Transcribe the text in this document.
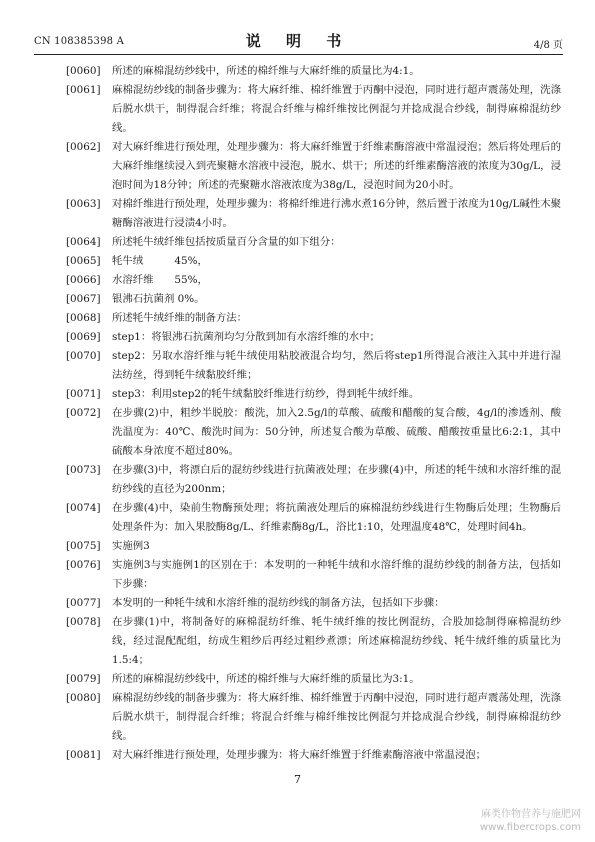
CN 108385398 A	说 明 书	4/8 页
[0060] 所述的麻棉混纺纱线中，所述的棉纤维与大麻纤维的质量比为4:1。
[0061] 麻棉混纺纱线的制备步骤为：将大麻纤维、棉纤维置于丙酮中浸泡，同时进行超声震荡处理，洗涤后脱水烘干，制得混合纤维；将混合纤维与棉纤维按比例混匀并捻成混合纱线，制得麻棉混纺纱线。
[0062] 对大麻纤维进行预处理，处理步骤为：将大麻纤维置于纤维素酶溶液中常温浸泡；然后将处理后的大麻纤维继续浸入到壳聚糖水溶液中浸泡，脱水、烘干；所述的纤维素酶溶液的浓度为30g/L，浸泡时间为18分钟；所述的壳聚糖水溶液浓度为38g/L，浸泡时间为20小时。
[0063] 对棉纤维进行预处理，处理步骤为：将棉纤维进行沸水煮16分钟，然后置于浓度为10g/L碱性木聚糖酶溶液进行浸渍4小时。
[0064] 所述牦牛绒纤维包括按质量百分含量的如下组分：
[0065] 牦牛绒　　　45%，
[0066] 水溶纤维　　55%，
[0067] 银沸石抗菌剂 0%。
[0068] 所述牦牛绒纤维的制备方法：
[0069] step1：将银沸石抗菌剂均匀分散到加有水溶纤维的水中；
[0070] step2：另取水溶纤维与牦牛绒使用粘胶液混合均匀，然后将step1所得混合液注入其中并进行湿法纺丝，得到牦牛绒黏胶纤维；
[0071] step3：利用step2的牦牛绒黏胶纤维进行纺纱，得到牦牛绒纤维。
[0072] 在步骤(2)中，粗纱半脱胶：酸洗，加入2.5g/l的草酸、硫酸和醋酸的复合酸，4g/l的渗透剂、酸洗温度为：40℃、酸洗时间为：50分钟，所述复合酸为草酸、硫酸、醋酸按重量比6:2:1，其中硫酸本身浓度不超过80%。
[0073] 在步骤(3)中，将漂白后的混纺纱线进行抗菌液处理；在步骤(4)中，所述的牦牛绒和水溶纤维的混纺纱线的直径为200nm；
[0074] 在步骤(4)中，染前生物酶预处理；将抗菌液处理后的麻棉混纺纱线进行生物酶后处理；生物酶后处理条件为：加入果胶酶8g/L、纤维素酶8g/L，浴比1:10，处理温度48℃，处理时间4h。
[0075] 实施例3
[0076] 实施例3与实施例1的区别在于：本发明的一种牦牛绒和水溶纤维的混纺纱线的制备方法，包括如下步骤：
[0077] 本发明的一种牦牛绒和水溶纤维的混纺纱线的制备方法，包括如下步骤：
[0078] 在步骤(1)中，将制备好的麻棉混纺纤维、牦牛绒纤维的按比例混纺，合股加捻制得麻棉混纺纱线，经过混配配组，纺成生粗纱后再经过粗纱煮漂；所述麻棉混纺纱线、牦牛绒纤维的质量比为1.5:4；
[0079] 所述的麻棉混纺纱线中，所述的棉纤维与大麻纤维的质量比为3:1。
[0080] 麻棉混纺纱线的制备步骤为：将大麻纤维、棉纤维置于丙酮中浸泡，同时进行超声震荡处理，洗涤后脱水烘干，制得混合纤维；将混合纤维与棉纤维按比例混匀并捻成混合纱线，制得麻棉混纺纱线。
[0081] 对大麻纤维进行预处理，处理步骤为：将大麻纤维置于纤维素酶溶液中常温浸泡；
7
麻类作物营养与施肥网
www.fibercrops.com
